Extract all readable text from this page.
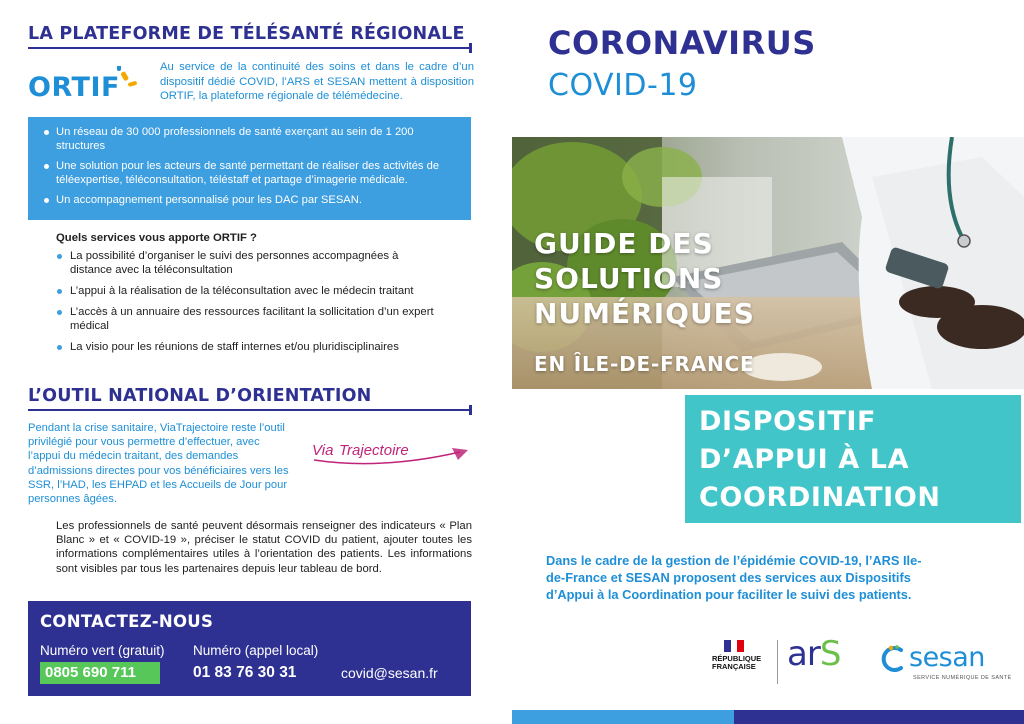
LA PLATEFORME DE TÉLÉSANTÉ RÉGIONALE
ORTIF

Au service de la continuité des soins et dans le cadre d’un dispositif dédié COVID, l’ARS et SESAN mettent à disposition ORTIF, la plateforme régionale de télémédecine.

Un réseau de 30 000 professionnels de santé exerçant au sein de 1 200 structures
Une solution pour les acteurs de santé permettant de réaliser des activités de téléexpertise, téléconsultation, téléstaff et partage d’imagerie médicale.
Un accompagnement personnalisé pour les DAC par SESAN.
Quels services vous apporte ORTIF ?
La possibilité d’organiser le suivi des personnes accompagnées à distance avec la téléconsultation
L’appui à la réalisation de la téléconsultation avec le médecin traitant
L’accès à un annuaire des ressources facilitant la sollicitation d’un expert médical
La visio pour les réunions de staff internes et/ou pluridisciplinaires
L’OUTIL NATIONAL D’ORIENTATION

Pendant la crise sanitaire, ViaTrajectoire reste l’outil privilégié pour vous permettre d’effectuer, avec l’appui du médecin traitant, des demandes d’admissions directes pour vos bénéficiaires vers les SSR, l’HAD, les EHPAD et les Accueils de Jour pour personnes âgées.

Via Trajectoire

Les professionnels de santé peuvent désormais renseigner des indicateurs « Plan Blanc » et « COVID-19 », préciser le statut COVID du patient, ajouter toutes les informations complémentaires utiles à l’orientation des patients. Les informations sont visibles par tous les partenaires depuis leur tableau de bord.

CONTACTEZ-NOUS
Numéro vert (gratuit) Numéro (appel local)
0805 690 711	01 83 76 30 31	covid@sesan.fr
CORONAVIRUS
COVID-19
GUIDE DES
SOLUTIONS
NUMÉRIQUES
EN ÎLE-DE-FRANCE
DISPOSITIF
D’APPUI À LA
COORDINATION

Dans le cadre de la gestion de l’épidémie COVID-19, l’ARS Ile-de-France et SESAN proposent des services aux Dispositifs d’Appui à la Coordination pour faciliter le suivi des patients.

RÉPUBLIQUE
FRANÇAISE arS	sesan
SERVICE NUMÉRIQUE DE SANTÉ
